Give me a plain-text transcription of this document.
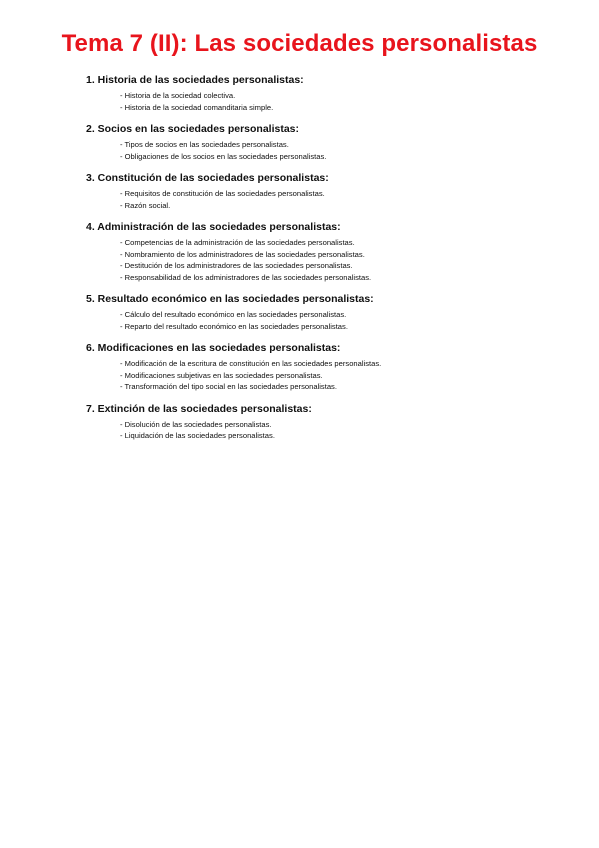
Tema 7 (II): Las sociedades personalistas
1. Historia de las sociedades personalistas:
- Historia de la sociedad colectiva.
- Historia de la sociedad comanditaria simple.
2. Socios en las sociedades personalistas:
- Tipos de socios en las sociedades personalistas.
- Obligaciones de los socios en las sociedades personalistas.
3. Constitución de las sociedades personalistas:
- Requisitos de constitución de las sociedades personalistas.
- Razón social.
4. Administración de las sociedades personalistas:
- Competencias de la administración de las sociedades personalistas.
- Nombramiento de los administradores de las sociedades personalistas.
- Destitución de los administradores de las sociedades personalistas.
- Responsabilidad de los administradores de las sociedades personalistas.
5. Resultado económico en las sociedades personalistas:
- Cálculo del resultado económico en las sociedades personalistas.
- Reparto del resultado económico en las sociedades personalistas.
6. Modificaciones en las sociedades personalistas:
- Modificación de la escritura de constitución en las sociedades personalistas.
- Modificaciones subjetivas en las sociedades personalistas.
- Transformación del tipo social en las sociedades personalistas.
7. Extinción de las sociedades personalistas:
- Disolución de las sociedades personalistas.
- Liquidación de las sociedades personalistas.
